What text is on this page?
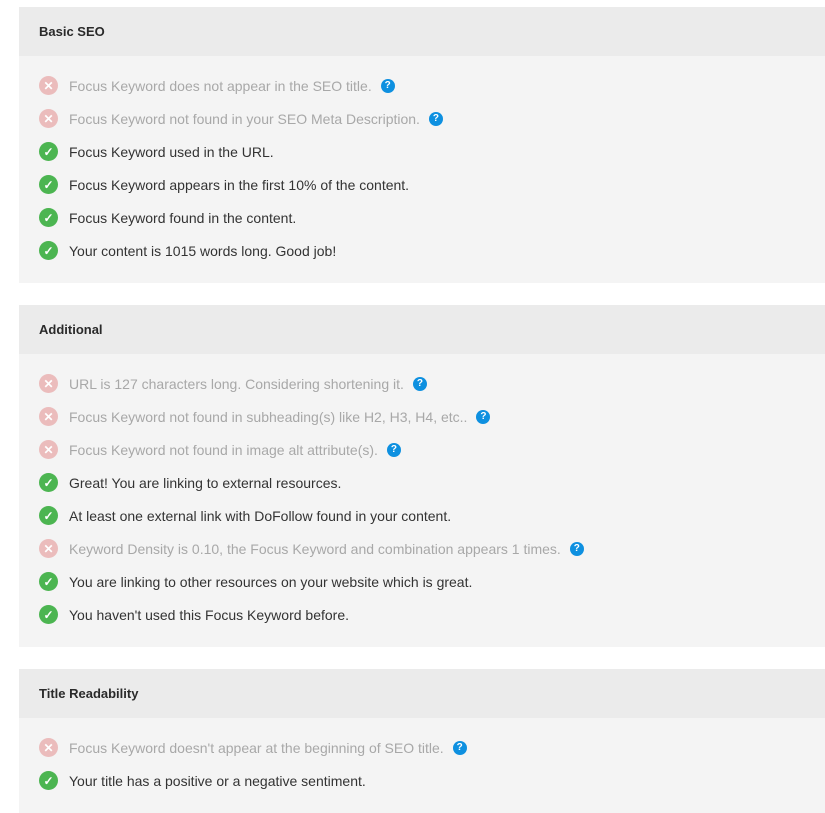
Basic SEO
✕	Focus Keyword does not appear in the SEO title.	?
✕	Focus Keyword not found in your SEO Meta Description.	?
✓	Focus Keyword used in the URL.
✓	Focus Keyword appears in the first 10% of the content.
✓	Focus Keyword found in the content.
✓	Your content is 1015 words long. Good job!
Additional
✕	URL is 127 characters long. Considering shortening it.	?
✕	Focus Keyword not found in subheading(s) like H2, H3, H4, etc..	?
✕	Focus Keyword not found in image alt attribute(s).	?
✓	Great! You are linking to external resources.
✓	At least one external link with DoFollow found in your content.
✕	Keyword Density is 0.10, the Focus Keyword and combination appears 1 times.	?
✓	You are linking to other resources on your website which is great.
✓	You haven't used this Focus Keyword before.
Title Readability
✕	Focus Keyword doesn't appear at the beginning of SEO title.	?
✓	Your title has a positive or a negative sentiment.
